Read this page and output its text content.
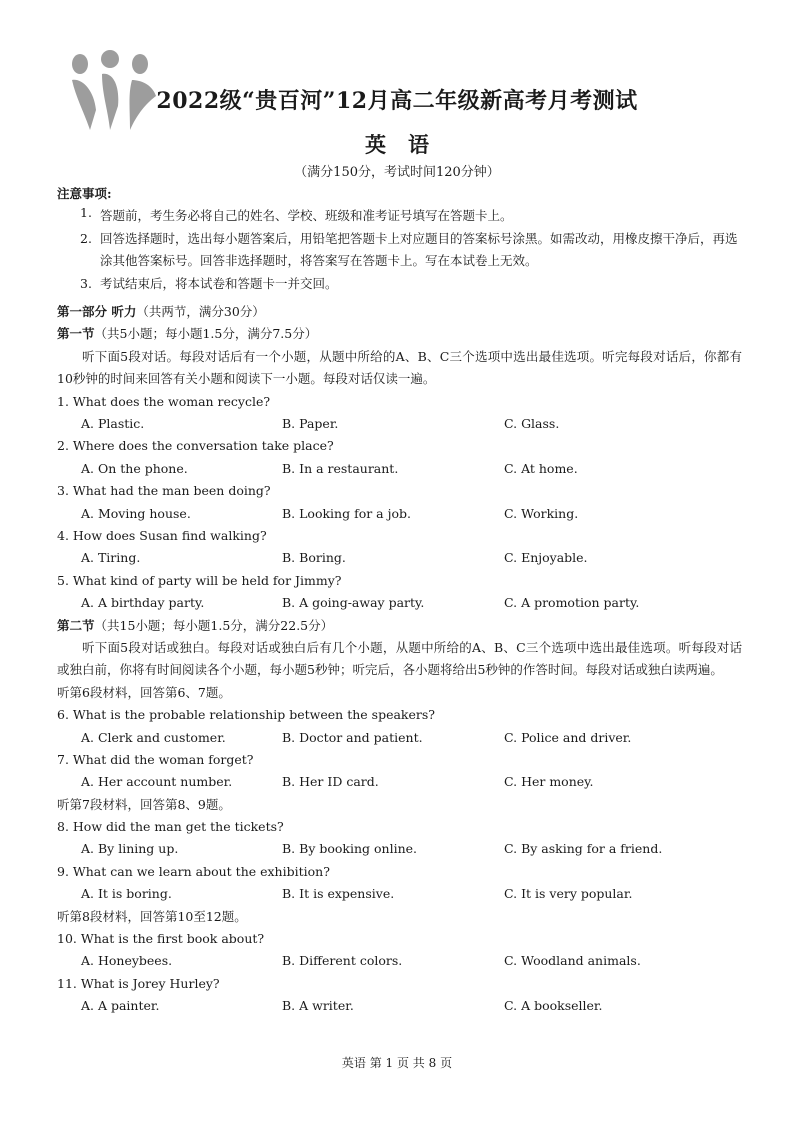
2022级“贵百河”12月高二年级新高考月考测试
英语
（满分150分，考试时间120分钟）
注意事项:
1. 答题前，考生务必将自己的姓名、学校、班级和准考证号填写在答题卡上。
2. 回答选择题时，选出每小题答案后，用铅笔把答题卡上对应题目的答案标号涂黑。如需改动，用橡皮擦干净后，再选涂其他答案标号。回答非选择题时，将答案写在答题卡上。写在本试卷上无效。
3. 考试结束后，将本试卷和答题卡一并交回。
第一部分 听力（共两节，满分30分）
第一节（共5小题；每小题1.5分，满分7.5分）
听下面5段对话。每段对话后有一个小题，从题中所给的A、B、C三个选项中选出最佳选项。听完每段对话后，你都有10秒钟的时间来回答有关小题和阅读下一小题。每段对话仅读一遍。
1. What does the woman recycle?
A. Plastic.	B. Paper.	C. Glass.
2. Where does the conversation take place?
A. On the phone.	B. In a restaurant.	C. At home.
3. What had the man been doing?
A. Moving house.	B. Looking for a job.	C. Working.
4. How does Susan find walking?
A. Tiring.	B. Boring.	C. Enjoyable.
5. What kind of party will be held for Jimmy?
A. A birthday party.	B. A going-away party.	C. A promotion party.
第二节（共15小题；每小题1.5分，满分22.5分）
听下面5段对话或独白。每段对话或独白后有几个小题，从题中所给的A、B、C三个选项中选出最佳选项。听每段对话或独白前，你将有时间阅读各个小题，每小题5秒钟；听完后，各小题将给出5秒钟的作答时间。每段对话或独白读两遍。
听第6段材料，回答第6、7题。
6. What is the probable relationship between the speakers?
A. Clerk and customer.	B. Doctor and patient.	C. Police and driver.
7. What did the woman forget?
A. Her account number.	B. Her ID card.	C. Her money.
听第7段材料，回答第8、9题。
8. How did the man get the tickets?
A. By lining up.	B. By booking online.	C. By asking for a friend.
9. What can we learn about the exhibition?
A. It is boring.	B. It is expensive.	C. It is very popular.
听第8段材料，回答第10至12题。
10. What is the first book about?
A. Honeybees.	B. Different colors.	C. Woodland animals.
11. What is Jorey Hurley?
A. A painter.	B. A writer.	C. A bookseller.
英语 第 1 页 共 8 页
